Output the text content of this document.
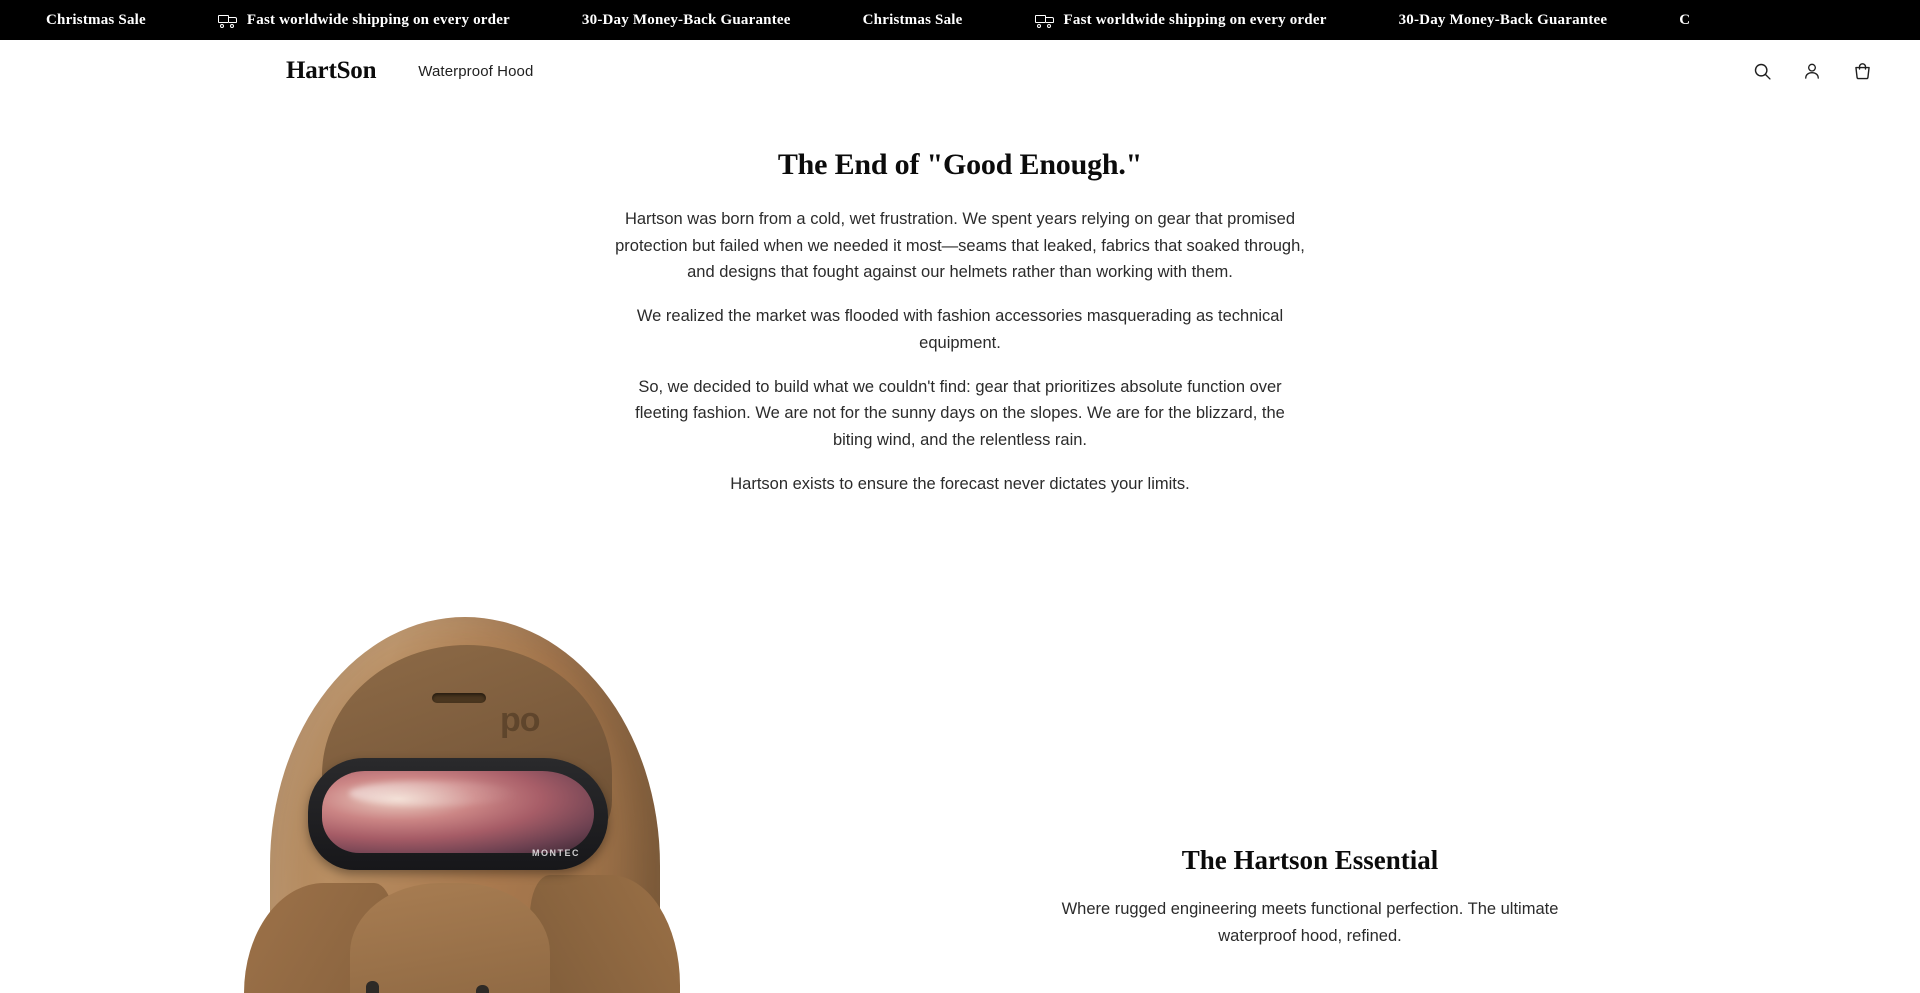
Christmas Sale	Fast worldwide shipping on every order	30-Day Money-Back Guarantee	Christmas Sale	Fast worldwide shipping on every order	30-Day Money-Back Guarantee	C
HartSon	Waterproof Hood
The End of "Good Enough."

Hartson was born from a cold, wet frustration. We spent years relying on gear that promised protection but failed when we needed it most—seams that leaked, fabrics that soaked through, and designs that fought against our helmets rather than working with them.

We realized the market was flooded with fashion accessories masquerading as technical equipment.

So, we decided to build what we couldn't find: gear that prioritizes absolute function over fleeting fashion. We are not for the sunny days on the slopes. We are for the blizzard, the biting wind, and the relentless rain.

Hartson exists to ensure the forecast never dictates your limits.

po
MONTEC	The Hartson Essential

Where rugged engineering meets functional perfection. The ultimate waterproof hood, refined.
